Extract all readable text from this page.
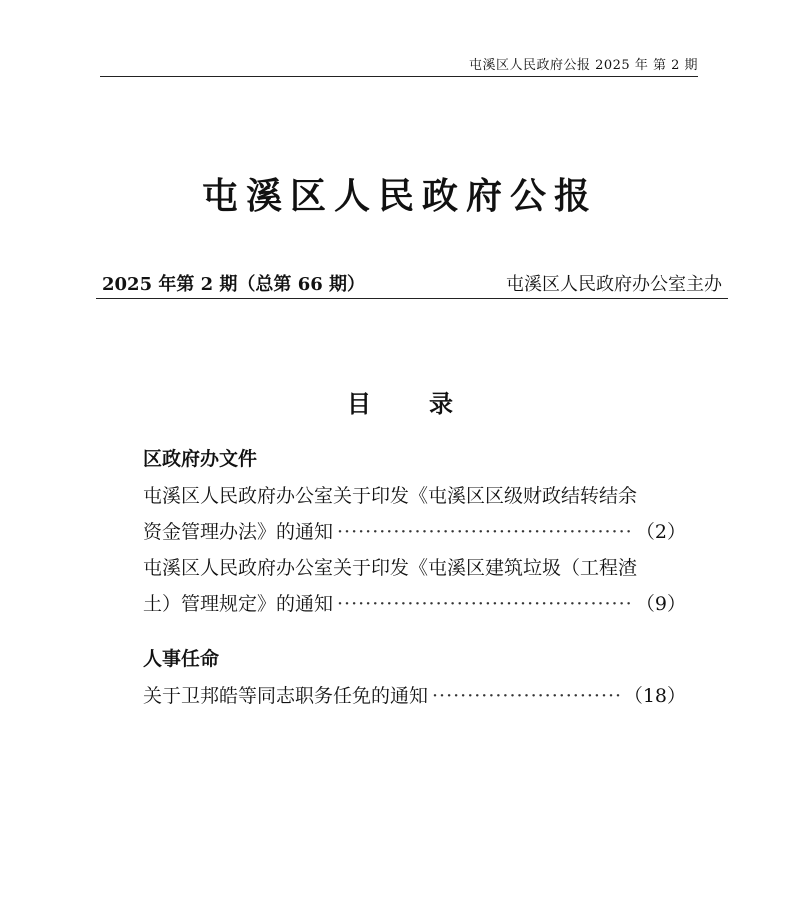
屯溪区人民政府公报 2025 年 第 2 期
屯溪区人民政府公报
2025 年第 2 期（总第 66 期）	屯溪区人民政府办公室主办
目 录
区政府办文件
屯溪区人民政府办公室关于印发《屯溪区区级财政结转结余
资金管理办法》的通知 ·····	（2）
屯溪区人民政府办公室关于印发《屯溪区建筑垃圾（工程渣
土）管理规定》的通知 ·····	（9）
人事任命
关于卫邦皓等同志职务任免的通知 ·····	（18）
